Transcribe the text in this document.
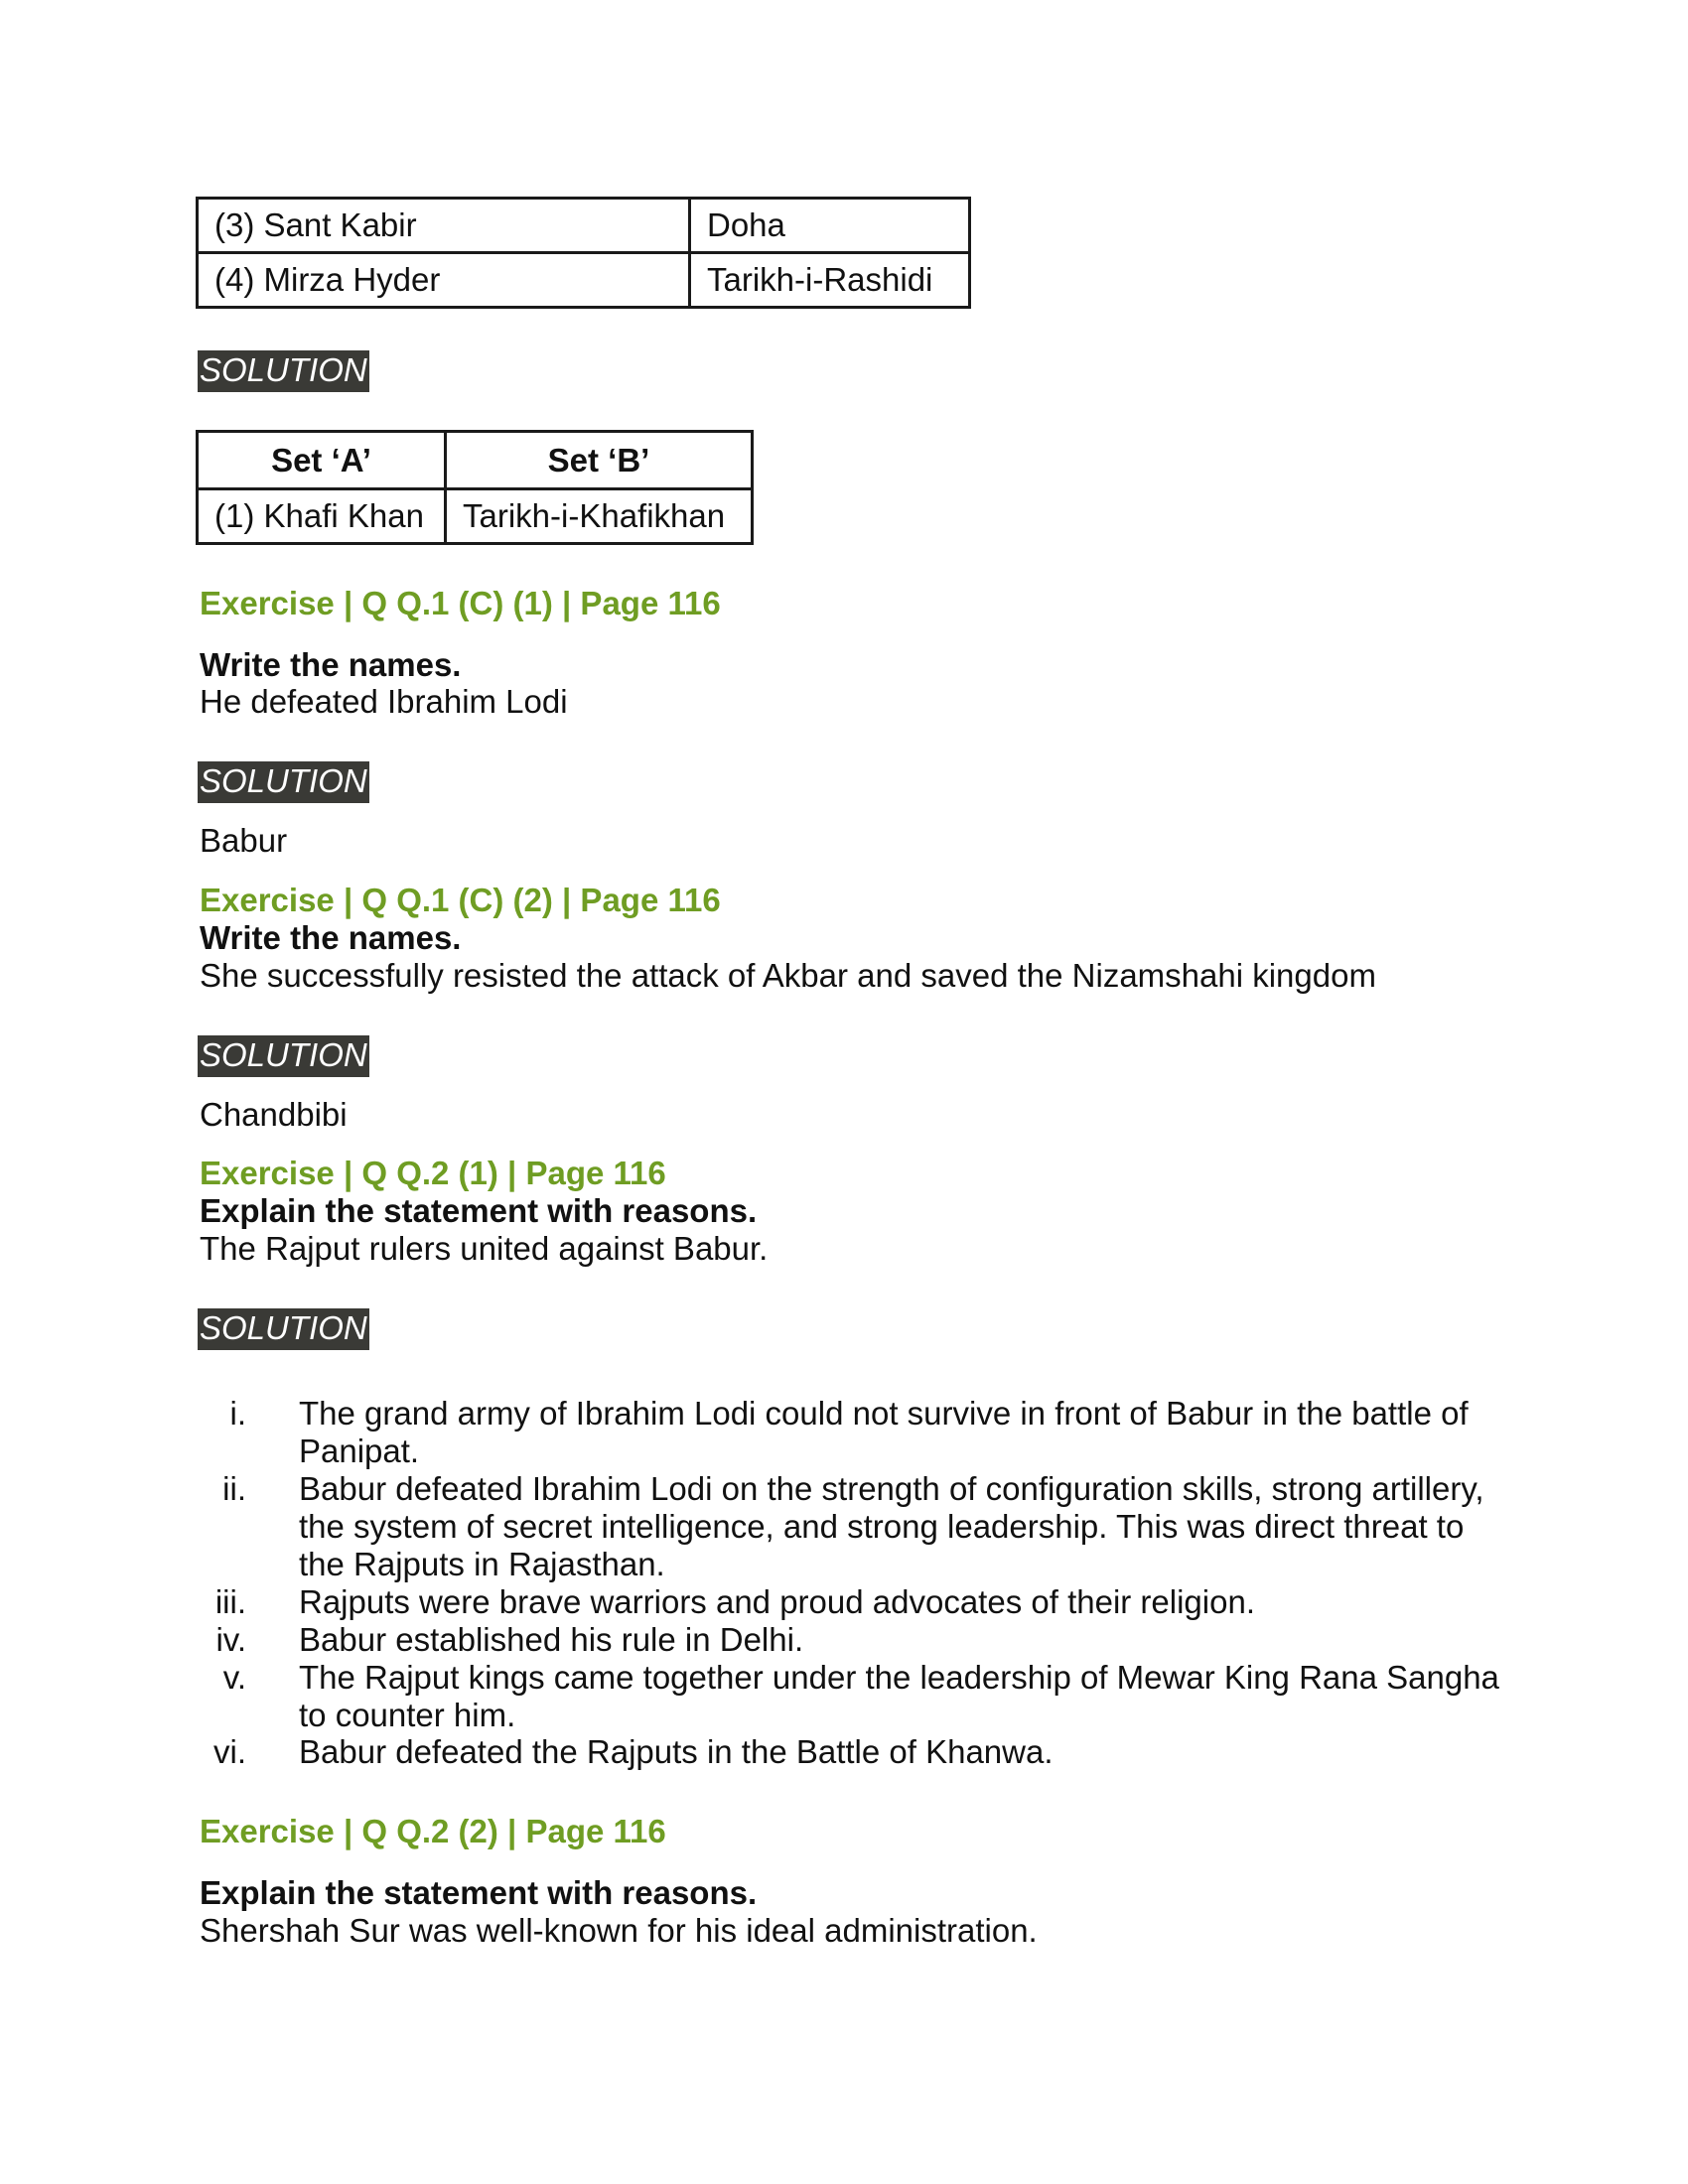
(3) Sant Kabir	Doha
(4) Mirza Hyder	Tarikh-i-Rashidi
SOLUTION
Set ‘A’	Set ‘B’
(1) Khafi Khan	Tarikh-i-Khafikhan
Exercise | Q Q.1 (C) (1) | Page 116
Write the names.
He defeated Ibrahim Lodi
SOLUTION
Babur
Exercise | Q Q.1 (C) (2) | Page 116
Write the names.
She successfully resisted the attack of Akbar and saved the Nizamshahi kingdom
SOLUTION
Chandbibi
Exercise | Q Q.2 (1) | Page 116
Explain the statement with reasons.
The Rajput rulers united against Babur.
SOLUTION
i. The grand army of Ibrahim Lodi could not survive in front of Babur in the battle of Panipat.
ii. Babur defeated Ibrahim Lodi on the strength of configuration skills, strong artillery, the system of secret intelligence, and strong leadership. This was direct threat to the Rajputs in Rajasthan.
iii. Rajputs were brave warriors and proud advocates of their religion.
iv. Babur established his rule in Delhi.
v. The Rajput kings came together under the leadership of Mewar King Rana Sangha to counter him.
vi. Babur defeated the Rajputs in the Battle of Khanwa.
Exercise | Q Q.2 (2) | Page 116
Explain the statement with reasons.
Shershah Sur was well-known for his ideal administration.
